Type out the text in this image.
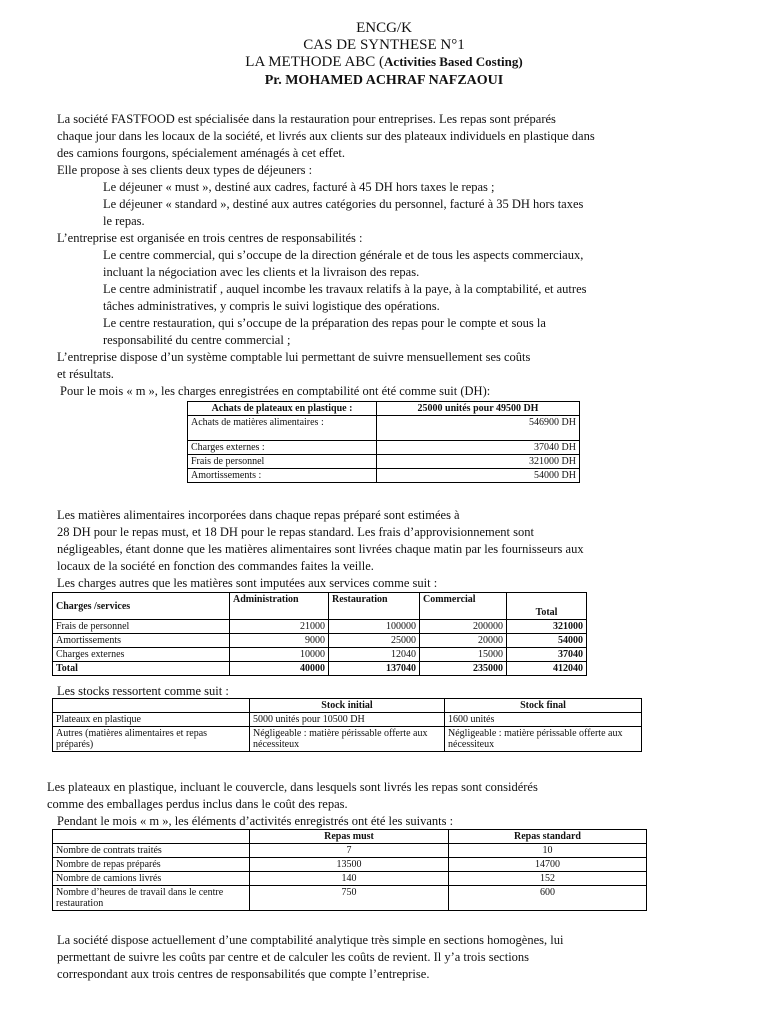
ENCG/K
CAS DE SYNTHESE N°1
LA METHODE ABC (Activities Based Costing)
Pr. MOHAMED ACHRAF NAFZAOUI
La société FASTFOOD est spécialisée dans la restauration pour entreprises. Les repas sont préparés
chaque jour dans les locaux de la société, et livrés aux clients sur des plateaux individuels en plastique dans
des camions fourgons, spécialement aménagés à cet effet.
Elle propose à ses clients deux types de déjeuners :
Le déjeuner « must », destiné aux cadres, facturé à 45 DH hors taxes le repas ;
Le déjeuner « standard », destiné aux autres catégories du personnel, facturé à 35 DH hors taxes
le repas.
L’entreprise est organisée en trois centres de responsabilités :
Le centre commercial, qui s’occupe de la direction générale et de tous les aspects commerciaux,
incluant la négociation avec les clients et la livraison des repas.
Le centre administratif , auquel incombe les travaux relatifs à la paye, à la comptabilité, et autres
tâches administratives, y compris le suivi logistique des opérations.
Le centre restauration, qui s’occupe de la préparation des repas pour le compte et sous la
responsabilité du centre commercial ;
L’entreprise dispose d’un système comptable lui permettant de suivre mensuellement ses coûts
et résultats.
Pour le mois « m », les charges enregistrées en comptabilité ont été comme suit (DH):
Achats de plateaux en plastique :	25000 unités pour 49500 DH
Achats de matières alimentaires :	546900 DH
Charges externes :	37040 DH
Frais de personnel	321000 DH
Amortissements :	54000 DH
Les matières alimentaires incorporées dans chaque repas préparé sont estimées à
28 DH pour le repas must, et 18 DH pour le repas standard. Les frais d’approvisionnement sont
négligeables, étant donne que les matières alimentaires sont livrées chaque matin par les fournisseurs aux
locaux de la société en fonction des commandes faites la veille.
Les charges autres que les matières sont imputées aux services comme suit :
Charges /services	Administration	Restauration	Commercial	Total
Frais de personnel	21000	100000	200000	321000
Amortissements	9000	25000	20000	54000
Charges externes	10000	12040	15000	37040
Total	40000	137040	235000	412040
Les stocks ressortent comme suit :
	Stock initial	Stock final
Plateaux en plastique	5000 unités pour 10500 DH	1600 unités
Autres (matières alimentaires et repas préparés)	Négligeable : matière périssable offerte aux nécessiteux	Négligeable : matière périssable offerte aux nécessiteux
Les plateaux en plastique, incluant le couvercle, dans lesquels sont livrés les repas sont considérés
comme des emballages perdus inclus dans le coût des repas.
Pendant le mois « m », les éléments d’activités enregistrés ont été les suivants :
	Repas must	Repas standard
Nombre de contrats traités	7	10
Nombre de repas préparés	13500	14700
Nombre de camions livrés	140	152
Nombre d’heures de travail dans le centre restauration	750	600
La société dispose actuellement d’une comptabilité analytique très simple en sections homogènes, lui
permettant de suivre les coûts par centre et de calculer les coûts de revient. Il y’a trois sections
correspondant aux trois centres de responsabilités que compte l’entreprise.
